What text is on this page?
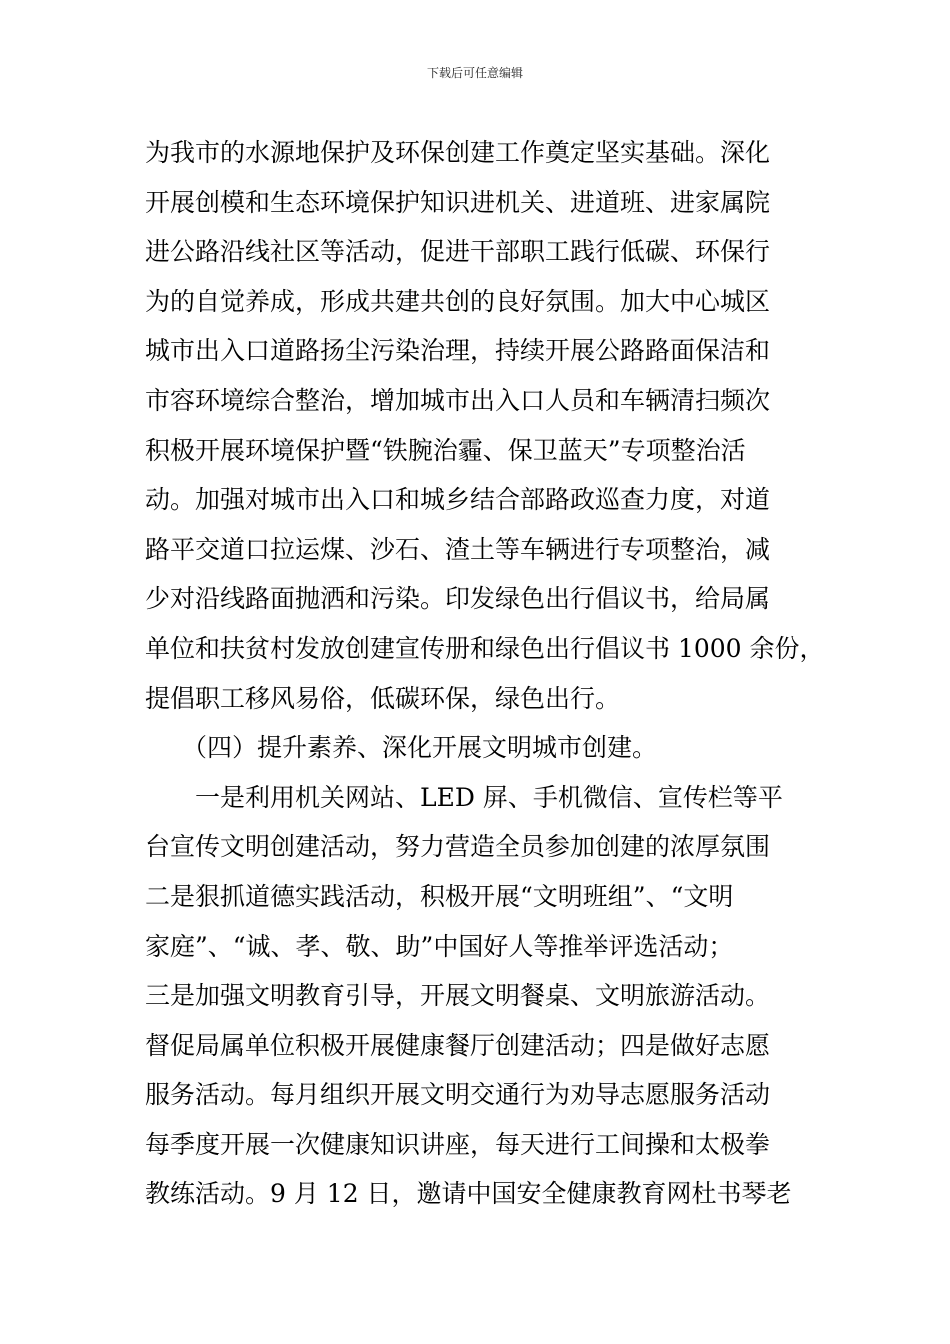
下载后可任意编辑
为我市的水源地保护及环保创建工作奠定坚实基础。深化
开展创模和生态环境保护知识进机关、进道班、进家属院
进公路沿线社区等活动，促进干部职工践行低碳、环保行
为的自觉养成，形成共建共创的良好氛围。加大中心城区
城市出入口道路扬尘污染治理，持续开展公路路面保洁和
市容环境综合整治，增加城市出入口人员和车辆清扫频次
积极开展环境保护暨“铁腕治霾、保卫蓝天”专项整治活
动。加强对城市出入口和城乡结合部路政巡查力度，对道
路平交道口拉运煤、沙石、渣土等车辆进行专项整治，减
少对沿线路面抛洒和污染。印发绿色出行倡议书，给局属
单位和扶贫村发放创建宣传册和绿色出行倡议书 1000 余份，
提倡职工移风易俗，低碳环保，绿色出行。
（四）提升素养、深化开展文明城市创建。
一是利用机关网站、LED 屏、手机微信、宣传栏等平
台宣传文明创建活动，努力营造全员参加创建的浓厚氛围
二是狠抓道德实践活动，积极开展“文明班组”、“文明
家庭”、“诚、孝、敬、助”中国好人等推举评选活动；
三是加强文明教育引导，开展文明餐桌、文明旅游活动。
督促局属单位积极开展健康餐厅创建活动；四是做好志愿
服务活动。每月组织开展文明交通行为劝导志愿服务活动
每季度开展一次健康知识讲座，每天进行工间操和太极拳
教练活动。9 月 12 日，邀请中国安全健康教育网杜书琴老
